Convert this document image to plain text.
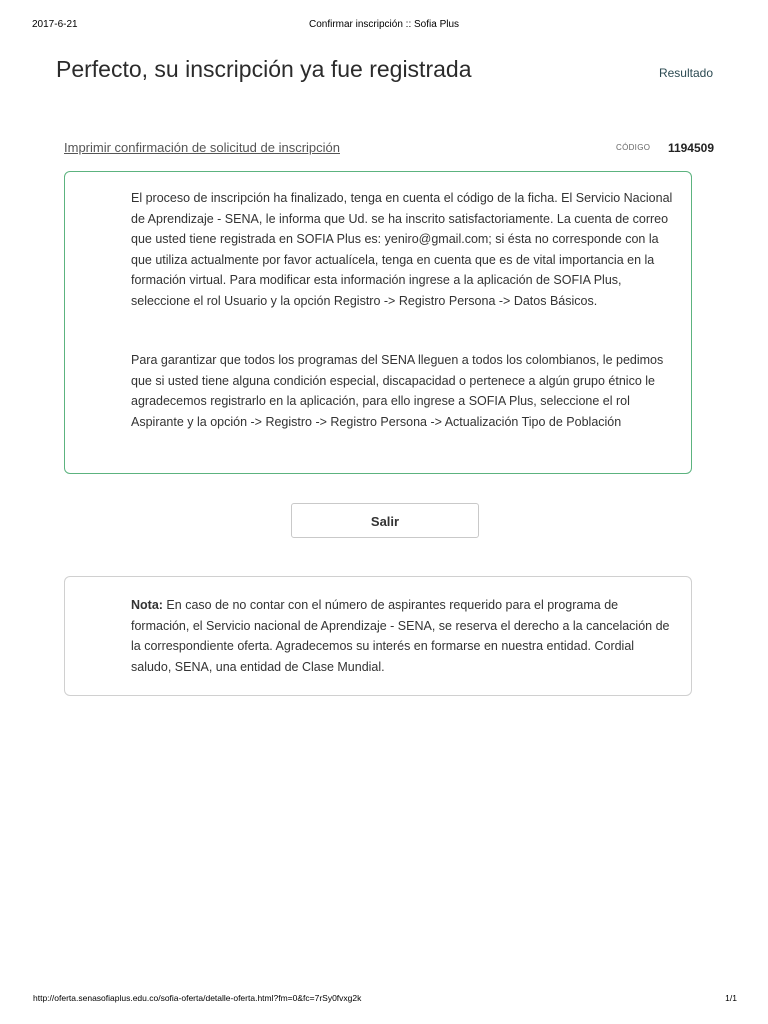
2017-6-21	Confirmar inscripción :: Sofia Plus
Perfecto, su inscripción ya fue registrada	Resultado
Imprimir confirmación de solicitud de inscripción	CÓDIGO 1194509

El proceso de inscripción ha finalizado, tenga en cuenta el código de la ficha. El Servicio Nacional de Aprendizaje - SENA, le informa que Ud. se ha inscrito satisfactoriamente. La cuenta de correo que usted tiene registrada en SOFIA Plus es: yeniro@gmail.com; si ésta no corresponde con la que utiliza actualmente por favor actualícela, tenga en cuenta que es de vital importancia en la formación virtual. Para modificar esta información ingrese a la aplicación de SOFIA Plus, seleccione el rol Usuario y la opción Registro -> Registro Persona -> Datos Básicos.

Para garantizar que todos los programas del SENA lleguen a todos los colombianos, le pedimos que si usted tiene alguna condición especial, discapacidad o pertenece a algún grupo étnico le agradecemos registrarlo en la aplicación, para ello ingrese a SOFIA Plus, seleccione el rol Aspirante y la opción -> Registro -> Registro Persona -> Actualización Tipo de Población

Salir

Nota: En caso de no contar con el número de aspirantes requerido para el programa de formación, el Servicio nacional de Aprendizaje - SENA, se reserva el derecho a la cancelación de la correspondiente oferta. Agradecemos su interés en formarse en nuestra entidad. Cordial saludo, SENA, una entidad de Clase Mundial.

http://oferta.senasofiaplus.edu.co/sofia-oferta/detalle-oferta.html?fm=0&fc=7rSy0fvxg2k	1/1
